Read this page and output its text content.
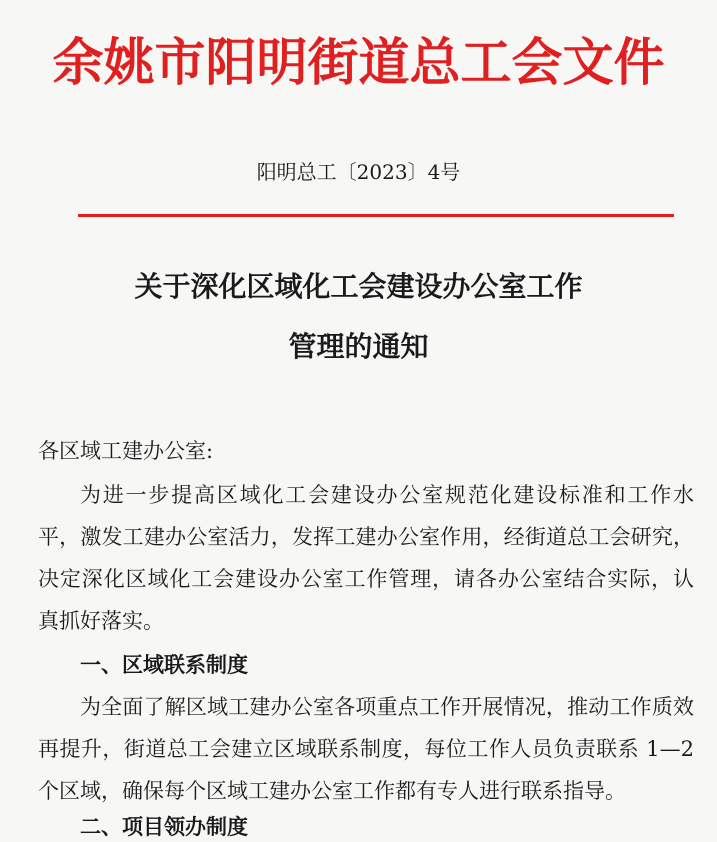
余姚市阳明街道总工会文件
阳明总工〔2023〕4号
关于深化区域化工会建设办公室工作
管理的通知
各区域工建办公室:
为进一步提高区域化工会建设办公室规范化建设标准和工作水
平，激发工建办公室活力，发挥工建办公室作用，经街道总工会研究，
决定深化区域化工会建设办公室工作管理，请各办公室结合实际，认
真抓好落实。
一、区域联系制度
为全面了解区域工建办公室各项重点工作开展情况，推动工作质效
再提升，街道总工会建立区域联系制度，每位工作人员负责联系 1—2
个区域，确保每个区域工建办公室工作都有专人进行联系指导。
二、项目领办制度
